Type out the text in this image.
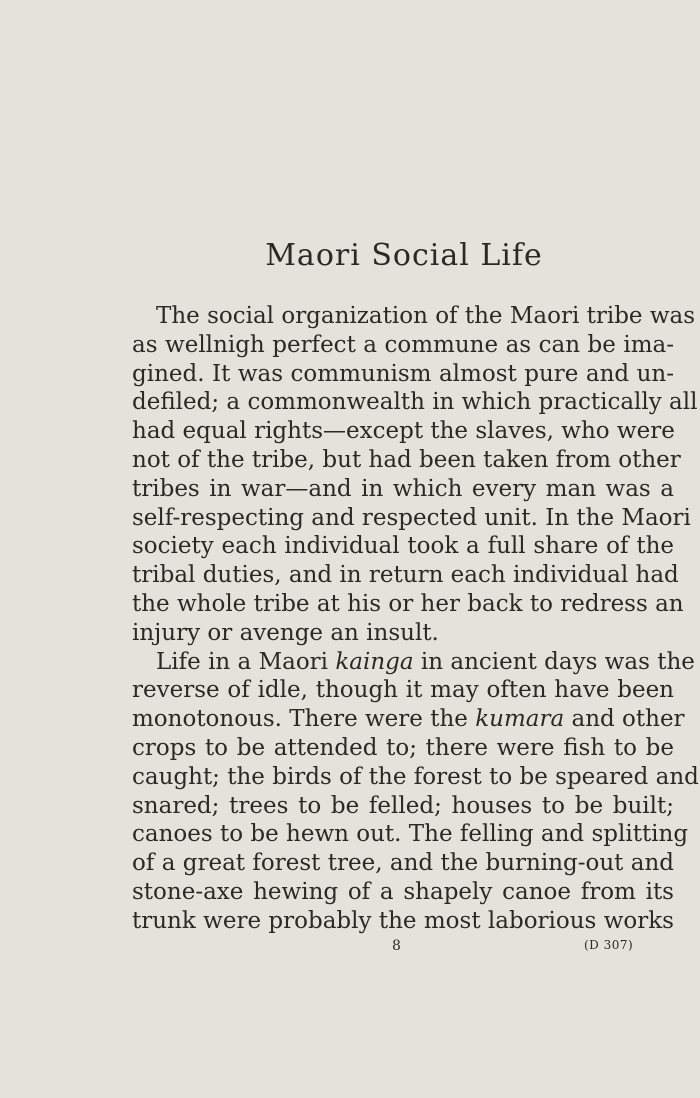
Maori Social Life
The social organization of the Maori tribe was
as wellnigh perfect a commune as can be ima-
gined. It was communism almost pure and un-
defiled; a commonwealth in which practically all
had equal rights—except the slaves, who were
not of the tribe, but had been taken from other
tribes in war—and in which every man was a
self-respecting and respected unit. In the Maori
society each individual took a full share of the
tribal duties, and in return each individual had
the whole tribe at his or her back to redress an
injury or avenge an insult.
Life in a Maori kainga in ancient days was the
reverse of idle, though it may often have been
monotonous. There were the kumara and other
crops to be attended to; there were fish to be
caught; the birds of the forest to be speared and
snared; trees to be felled; houses to be built;
canoes to be hewn out. The felling and splitting
of a great forest tree, and the burning-out and
stone-axe hewing of a shapely canoe from its
trunk were probably the most laborious works
8	(D 307)
